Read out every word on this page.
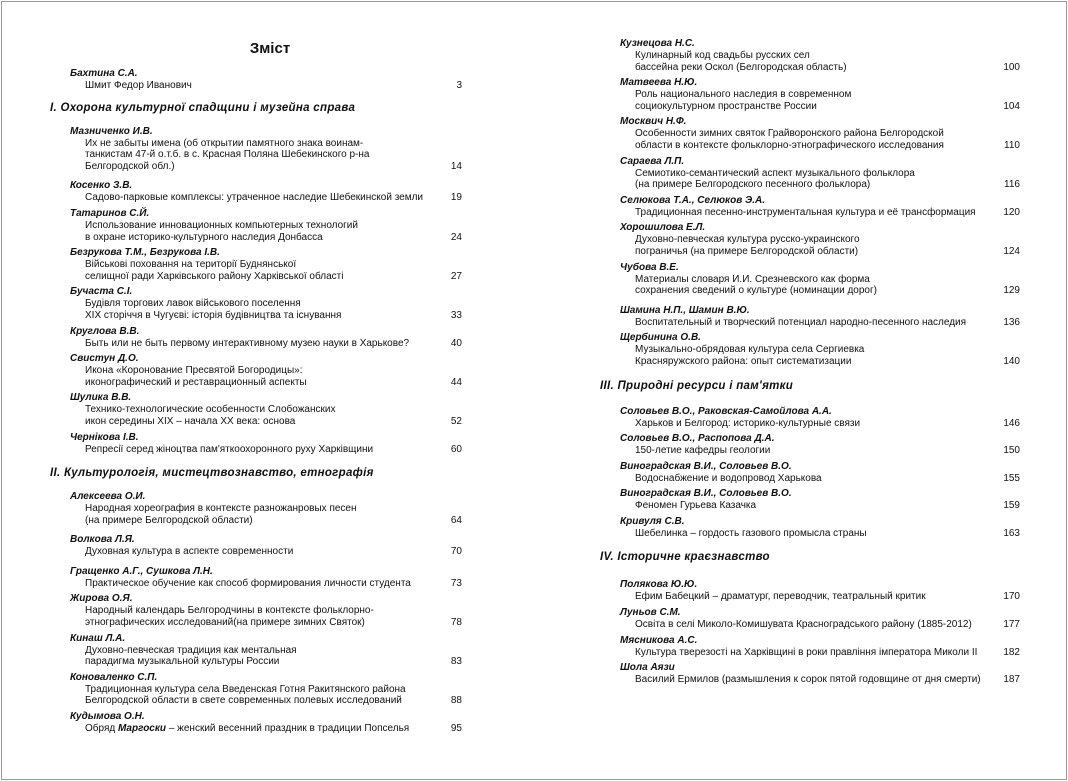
Зміст
Бахтина С.А.
Шмит Федор Иванович	3
I. Охорона культурної спадщини і музейна справа
Мазниченко И.В.
Их не забыты имена (об открытии памятного знака воинам-
танкистам 47-й о.т.б. в с. Красная Поляна Шебекинского р-на
Белгородской обл.)	14
Косенко З.В.
Садово-парковые комплексы: утраченное наследие Шебекинской земли	19
Татаринов С.Й.
Использование инновационных компьютерных технологий
в охране историко-культурного наследия Донбасса	24
Безрукова Т.М., Безрукова І.В.
Військові поховання на території Буднянської
селищної ради Харківського району Харківської області	27
Бучаста С.І.
Будівля торгових лавок військового поселення
XIX сторіччя в Чугуєві: історія будівництва та існування	33
Круглова В.В.
Быть или не быть первому интерактивному музею науки в Харькове?	40
Свистун Д.О.
Икона «Коронование Пресвятой Богородицы»:
иконографический и реставрационный аспекты	44
Шулика В.В.
Технико-технологические особенности Слобожанских
икон середины XIX – начала XX века: основа	52
Чернікова І.В.
Репресії серед жіноцтва пам'яткоохоронного руху Харківщини	60
II. Культурологія, мистецтвознавство, етнографія
Алексеева О.И.
Народная хореография в контексте разножанровых песен
(на примере Белгородской области)	64
Волкова Л.Я.
Духовная культура в аспекте современности	70
Гращенко А.Г., Сушкова Л.Н.
Практическое обучение как способ формирования личности студента	73
Жирова О.Я.
Народный календарь Белгородчины в контексте фольклорно-
этнографических исследований(на примере зимних Святок)	78
Кинаш Л.А.
Духовно-певческая традиция как ментальная
парадигма музыкальной культуры России	83
Коноваленко С.П.
Традиционная культура села Введенская Готня Ракитянского района
Белгородской области в свете современных полевых исследований	88
Кудымова О.Н.
Обряд Маргоски – женский весенний праздник в традиции Попселья	95
Кузнецова Н.С.
Кулинарный код свадьбы русских сел
бассейна реки Оскол (Белгородская область)	100
Матвеева Н.Ю.
Роль национального наследия в современном
социокультурном пространстве России	104
Москвич Н.Ф.
Особенности зимних святок Грайворонского района Белгородской
области в контексте фольклорно-этнографического исследования	110
Сараева Л.П.
Семиотико-семантический аспект музыкального фольклора
(на примере Белгородского песенного фольклора)	116
Селюкова Т.А., Селюков Э.А.
Традиционная песенно-инструментальная культура и её трансформация	120
Хорошилова Е.Л.
Духовно-певческая культура русско-украинского
пограничья (на примере Белгородской области)	124
Чубова В.Е.
Материалы словаря И.И. Срезневского как форма
сохранения сведений о культуре (номинации дорог)	129
Шамина Н.П., Шамин В.Ю.
Воспитательный и творческий потенциал народно-песенного наследия	136
Щербинина О.В.
Музыкально-обрядовая культура села Сергиевка
Красняружского района: опыт систематизации	140
III. Природні ресурси і пам'ятки
Соловьев В.О., Раковская-Самойлова А.А.
Харьков и Белгород: историко-культурные связи	146
Соловьев В.О., Распопова Д.А.
150-летие кафедры геологии	150
Виноградская В.И., Соловьев В.О.
Водоснабжение и водопровод Харькова	155
Виноградская В.И., Соловьев В.О.
Феномен Гурьева Казачка	159
Кривуля С.В.
Шебелинка – гордость газового промысла страны	163
IV. Історичне краєзнавство
Полякова Ю.Ю.
Ефим Бабецкий – драматург, переводчик, театральный критик	170
Луньов С.М.
Освіта в селі Миколо-Комишувата Красноградського району (1885-2012)	177
Мясникова А.С.
Культура тверезості на Харківщині в роки правління імператора Миколи II	182
Шола Аязи
Василий Ермилов (размышления к сорок пятой годовщине от дня смерти)	187
